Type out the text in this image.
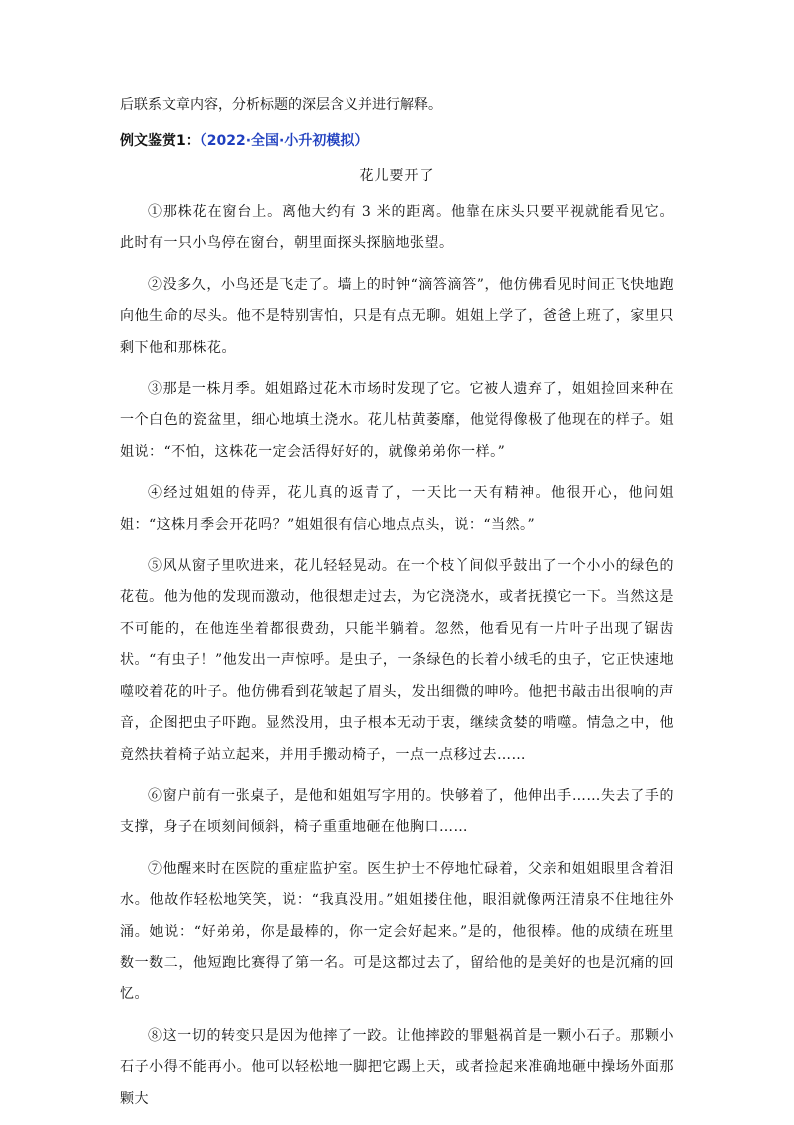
后联系文章内容，分析标题的深层含义并进行解释。
例文鉴赏1：（2022·全国·小升初模拟）
花儿要开了

①那株花在窗台上。离他大约有 3 米的距离。他靠在床头只要平视就能看见它。此时有一只小鸟停在窗台，朝里面探头探脑地张望。

②没多久，小鸟还是飞走了。墙上的时钟“滴答滴答”，他仿佛看见时间正飞快地跑向他生命的尽头。他不是特别害怕，只是有点无聊。姐姐上学了，爸爸上班了，家里只剩下他和那株花。

③那是一株月季。姐姐路过花木市场时发现了它。它被人遗弃了，姐姐捡回来种在一个白色的瓷盆里，细心地填土浇水。花儿枯黄萎靡，他觉得像极了他现在的样子。姐姐说：“不怕，这株花一定会活得好好的，就像弟弟你一样。”

④经过姐姐的侍弄，花儿真的返青了，一天比一天有精神。他很开心，他问姐姐：“这株月季会开花吗？”姐姐很有信心地点点头，说：“当然。”

⑤风从窗子里吹进来，花儿轻轻晃动。在一个枝丫间似乎鼓出了一个小小的绿色的花苞。他为他的发现而激动，他很想走过去，为它浇浇水，或者抚摸它一下。当然这是不可能的，在他连坐着都很费劲，只能半躺着。忽然，他看见有一片叶子出现了锯齿状。“有虫子！”他发出一声惊呼。是虫子，一条绿色的长着小绒毛的虫子，它正快速地噬咬着花的叶子。他仿佛看到花皱起了眉头，发出细微的呻吟。他把书敲击出很响的声音，企图把虫子吓跑。显然没用，虫子根本无动于衷，继续贪婪的啃噬。情急之中，他竟然扶着椅子站立起来，并用手搬动椅子，一点一点移过去……

⑥窗户前有一张桌子，是他和姐姐写字用的。快够着了，他伸出手……失去了手的支撑，身子在顷刻间倾斜，椅子重重地砸在他胸口……

⑦他醒来时在医院的重症监护室。医生护士不停地忙碌着，父亲和姐姐眼里含着泪水。他故作轻松地笑笑，说：“我真没用。”姐姐搂住他，眼泪就像两汪清泉不住地往外涌。她说：“好弟弟，你是最棒的，你一定会好起来。”是的，他很棒。他的成绩在班里数一数二，他短跑比赛得了第一名。可是这都过去了，留给他的是美好的也是沉痛的回忆。

⑧这一切的转变只是因为他摔了一跤。让他摔跤的罪魁祸首是一颗小石子。那颗小石子小得不能再小。他可以轻松地一脚把它踢上天，或者捡起来准确地砸中操场外面那颗大
